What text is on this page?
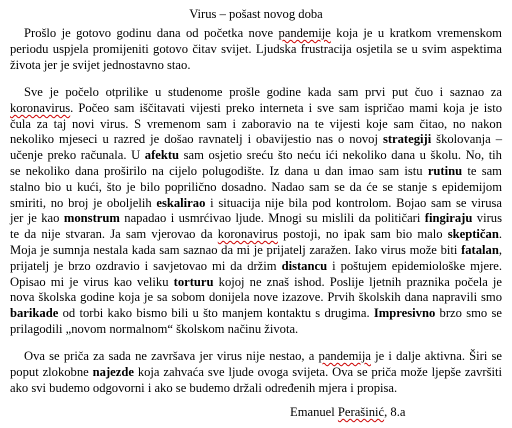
Virus – pošast novog doba
Prošlo je gotovo godinu dana od početka nove pandemije koja je u kratkom vremenskom
periodu uspjela promijeniti gotovo čitav svijet. Ljudska frustracija osjetila se u svim aspektima
života jer je svijet jednostavno stao.
Sve je počelo otprilike u studenome prošle godine kada sam prvi put čuo i saznao za
koronavirus. Počeo sam iščitavati vijesti preko interneta i sve sam ispričao mami koja je isto
čula za taj novi virus. S vremenom sam i zaboravio na te vijesti koje sam čitao, no nakon
nekoliko mjeseci u razred je došao ravnatelj i obavijestio nas o novoj strategiji školovanja –
učenje preko računala. U afektu sam osjetio sreću što neću ići nekoliko dana u školu. No, tih
se nekoliko dana proširilo na cijelo polugodište. Iz dana u dan imao sam istu rutinu te sam
stalno bio u kući, što je bilo poprilično dosadno. Nadao sam se da će se stanje s epidemijom
smiriti, no broj je oboljelih eskalirao i situacija nije bila pod kontrolom. Bojao sam se virusa
jer je kao monstrum napadao i usmrćivao ljude. Mnogi su mislili da političari fingiraju virus
te da nije stvaran. Ja sam vjerovao da koronavirus postoji, no ipak sam bio malo skeptičan.
Moja je sumnja nestala kada sam saznao da mi je prijatelj zaražen. Iako virus može biti fatalan,
prijatelj je brzo ozdravio i savjetovao mi da držim distancu i poštujem epidemiološke mjere.
Opisao mi je virus kao veliku torturu kojoj ne znaš ishod. Poslije ljetnih praznika počela je
nova školska godine koja je sa sobom donijela nove izazove. Prvih školskih dana napravili smo
barikade od torbi kako bismo bili u što manjem kontaktu s drugima. Impresivno brzo smo se
prilagodili „novom normalnom“ školskom načinu života.
Ova se priča za sada ne završava jer virus nije nestao, a pandemija je i dalje aktivna. Širi se
poput zlokobne najezde koja zahvaća sve ljude ovoga svijeta. Ova se priča može ljepše završiti
ako svi budemo odgovorni i ako se budemo držali određenih mjera i propisa.
Emanuel Perašinić, 8.a
